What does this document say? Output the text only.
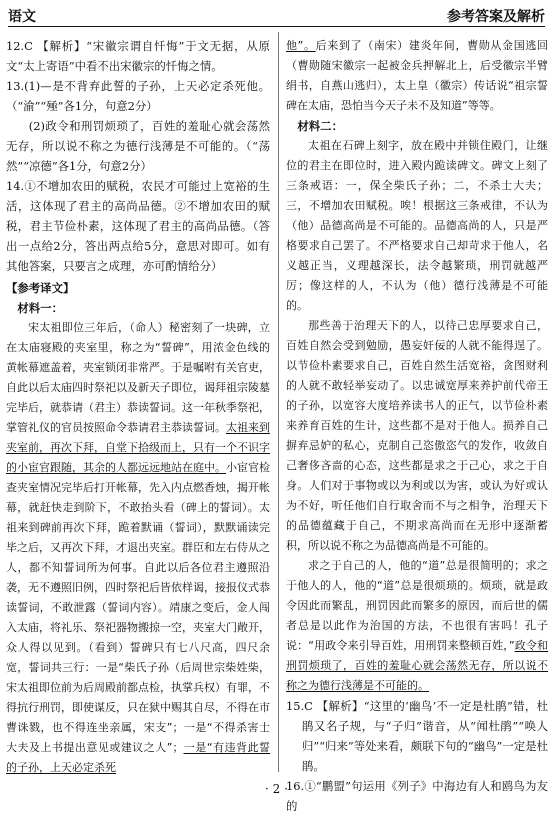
语文	参考答案及解析

12.C 【解析】“宋徽宗谓自忏悔”于文无据，从原文“太上寄语”中看不出宋徽宗的忏悔之情。

13.(1)—是不背弃此誓的子孙，上天必定杀死他。（“渝”“殛”各1分，句意2分）

(2)政令和刑罚烦琐了，百姓的羞耻心就会荡然无存，所以说不称之为德行浅薄是不可能的。（“荡然”“凉德”各1分，句意2分）

14.①不增加农田的赋税，农民才可能过上宽裕的生活，这体现了君主的高尚品德。②不增加农田的赋税，君主节俭朴素，这体现了君主的高尚品德。（答出一点给2分，答出两点给5分，意思对即可。如有其他答案，只要言之成理，亦可酌情给分）

【参考译文】

材料一：

宋太祖即位三年后，（命人）秘密刻了一块碑，立在太庙寝殿的夹室里，称之为“誓碑”，用浓金色线的黄帐幕遮盖着，夹室锁闭非常严。于是嘱咐有关官吏，自此以后太庙四时祭祀以及新天子即位，谒拜祖宗陵墓完毕后，就恭请（君主）恭读誓词。这一年秋季祭祀，掌管礼仪的官员按照命令恭请君主恭读誓词。太祖来到夹室前，再次下拜，自堂下拾级而上，只有一个不识字的小宦官跟随，其余的人都远远地站在庭中。小宦官检查夹室情况完毕后打开帐幕，先入内点燃香烛，揭开帐幕，就赶快走到阶下，不敢抬头看（碑上的誓词）。太祖来到碑前再次下拜，跪着默诵（誓词），默默诵读完毕之后，又再次下拜，才退出夹室。群臣和左右侍从之人，都不知誓词所为何事。自此以后各位君主遵照沿袭，无不遵照旧例，四时祭祀后皆依样谒，接报仪式恭读誓词，不敢泄露（誓词内容）。靖康之变后，金人闯入太庙，将礼乐、祭祀器物搬掠一空，夹室大门敞开，众人得以见到。（看到）誓碑只有七八尺高，四尺余宽，誓词共三行：一是“柴氏子孙（后周世宗柴姓柴，宋太祖即位前为后周殿前都点检，执掌兵权）有罪，不得抗行刑罚，即使谋反，只在狱中赐其自尽，不得在市曹诛戮，也不得连坐亲属，宋支”；一是“不得杀害士大夫及上书提出意见或建议之人”；一是“有违背此誓的子孙，上天必定杀死

他”。后来到了（南宋）建炎年间，曹勋从金国逃回（曹勋随宋徽宗一起被金兵押解北上，后受徽宗半臂绢书，自燕山逃归），太上皇（徽宗）传话说“祖宗誓碑在太庙，恐怕当今天子未不及知道”等等。

材料二：

太祖在石碑上刻字，放在殿中并锁住殿门，让继位的君主在即位时，进入殿内跪读碑文。碑文上刻了三条戒语：一，保全柴氏子孙；二，不杀士大夫；三，不增加农田赋税。唉！根据这三条戒律，不认为（他）品德高尚是不可能的。品德高尚的人，只是严格要求自己罢了。不严格要求自己却苛求于他人，名义越正当，义理越深长，法令越繁琐，刑罚就越严厉；像这样的人，不认为（他）德行浅薄是不可能的。

那些善于治理天下的人，以待己忠厚要求自己，百姓自然会受到勉励，愚妄奸佞的人就不能得逞了。以节俭朴素要求自己，百姓自然生活宽裕，贪图财利的人就不敢轻举妄动了。以忠诚宽厚来养护前代帝王的子孙，以宽容大度培养读书人的正气，以节俭朴素来养育百姓的生计，这些都不是对于他人。损养自己摒弃忌妒的私心，克制自己恣傲恣气的发作，收敛自己奢侈吝啬的心态，这些都是求之于己心，求之于自身。人们对于事物或以为利或以为害，或认为好或认为不好，听任他们自行取舍而不与之相争，治理天下的品德蕴藏于自己，不期求高尚而在无形中逐渐蓄积，所以说不称之为品德高尚是不可能的。

求之于自己的人，他的“道”总是很简明的；求之于他人的人，他的“道”总是很烦琐的。烦琐，就是政令因此而繁乱，刑罚因此而繁多的原因，而后世的儒者总是以此作为治国的方法，不也很有害吗！孔子说：“用政令来引导百姓，用刑罚来整顿百姓，”政令和刑罚烦琐了，百姓的羞耻心就会荡然无存，所以说不称之为德行浅薄是不可能的。

15.C 【解析】“这里的‘幽鸟’不一定是杜鹃”错，杜鹃又名子规，与“子归”谐音，从“闻杜鹃”“唤人归”“归来”等处来看，颇联下句的“幽鸟”一定是杜鹃。

16.①“鹏盟”句运用《列子》中海边有人和鸥鸟为友的

· 2 ·
